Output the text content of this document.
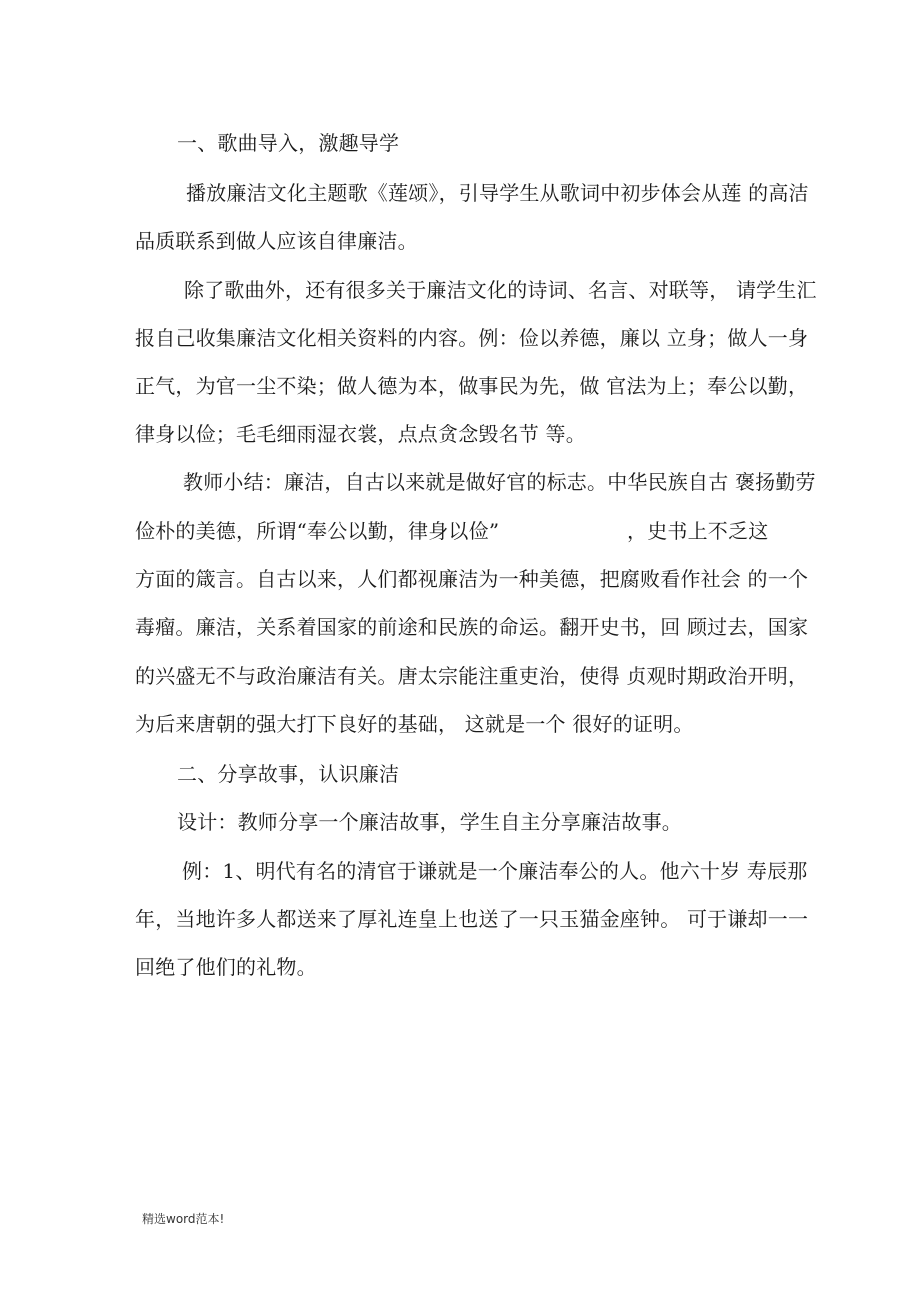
一、歌曲导入，激趣导学
播放廉洁文化主题歌《莲颂》，引导学生从歌词中初步体会从莲 的高洁
品质联系到做人应该自律廉洁。
除了歌曲外，还有很多关于廉洁文化的诗词、名言、对联等， 请学生汇
报自己收集廉洁文化相关资料的内容。例：俭以养德，廉以 立身；做人一身
正气，为官一尘不染；做人德为本，做事民为先，做 官法为上；奉公以勤，
律身以俭；毛毛细雨湿衣裳，点点贪念毁名节 等。
教师小结：廉洁，自古以来就是做好官的标志。中华民族自古 褒扬勤劳
俭朴的美德，所谓“奉公以勤，律身以俭”	，史书上不乏这
方面的箴言。自古以来，人们都视廉洁为一种美德，把腐败看作社会 的一个
毒瘤。廉洁，关系着国家的前途和民族的命运。翻开史书，回 顾过去，国家
的兴盛无不与政治廉洁有关。唐太宗能注重吏治，使得 贞观时期政治开明，
为后来唐朝的强大打下良好的基础， 这就是一个 很好的证明。
二、分享故事，认识廉洁
设计：教师分享一个廉洁故事，学生自主分享廉洁故事。
例：1、明代有名的清官于谦就是一个廉洁奉公的人。他六十岁 寿辰那
年，当地许多人都送来了厚礼连皇上也送了一只玉猫金座钟。 可于谦却一一
回绝了他们的礼物。
精选word范本!
